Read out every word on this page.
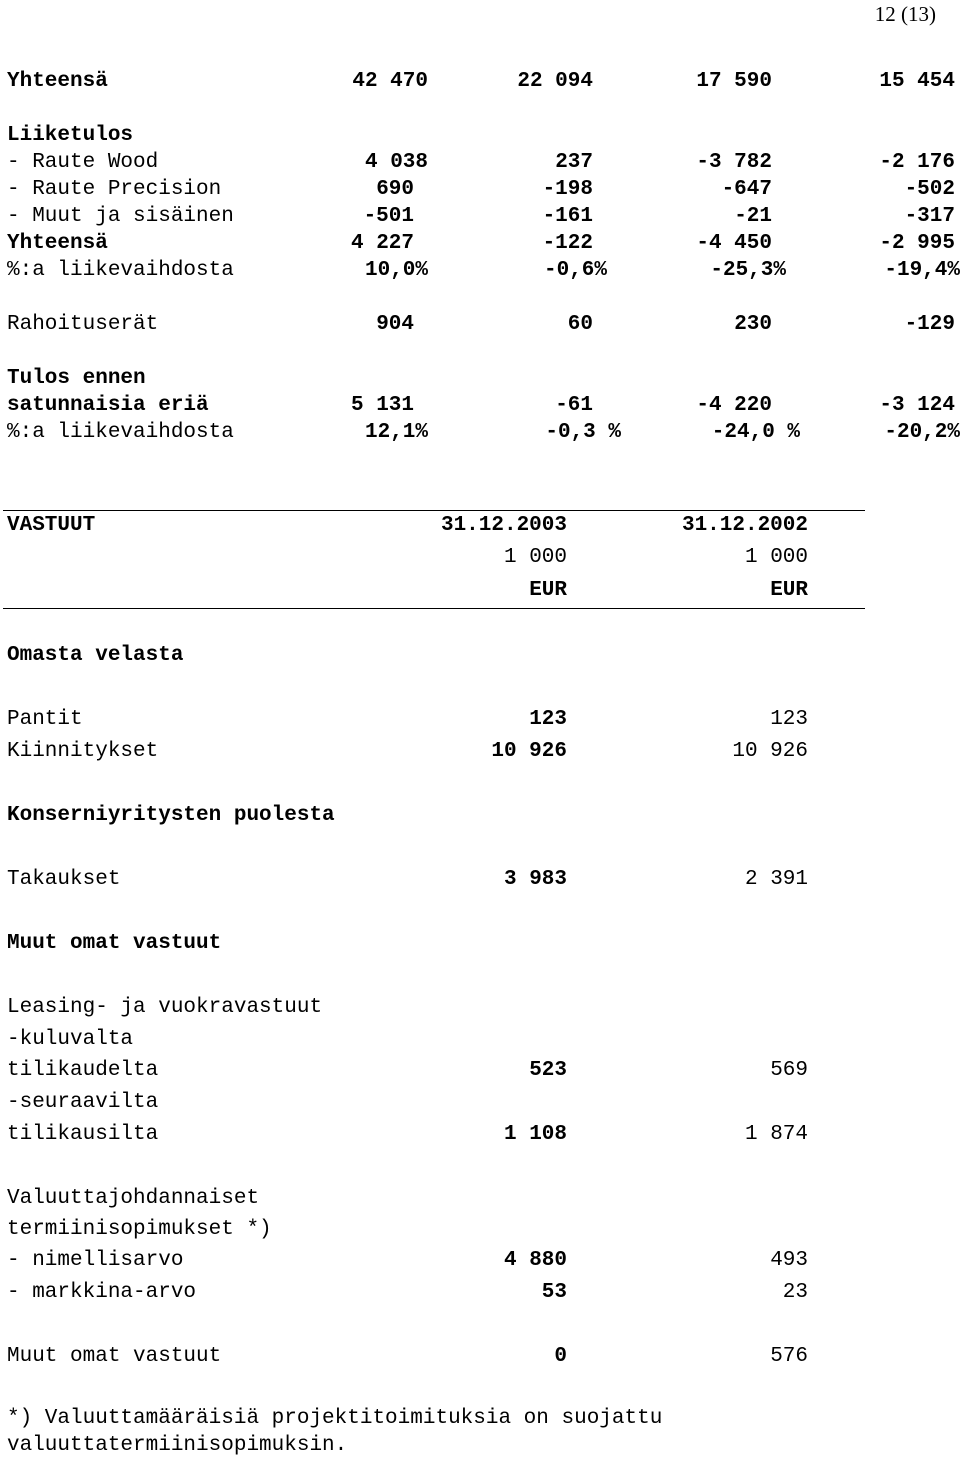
12 (13)
Yhteensä	42 470	22 094	17 590	15 454
Liiketulos
- Raute Wood	4 038	237	-3 782	-2 176
- Raute Precision	690	-198	-647	-502
- Muut ja sisäinen	-501	-161	-21	-317
Yhteensä	4 227	-122	-4 450	-2 995
%:a liikevaihdosta	10,0%	-0,6%	-25,3%	-19,4%
Rahoituserät	904	60	230	-129
Tulos ennen
satunnaisia eriä	5 131	-61	-4 220	-3 124
%:a liikevaihdosta	12,1%	-0,3 %	-24,0 %	-20,2%
VASTUUT	31.12.2003	31.12.2002
1 000	1 000
EUR	EUR
Omasta velasta
Pantit	123	123
Kiinnitykset	10 926	10 926
Konserniyritysten puolesta
Takaukset	3 983	2 391
Muut omat vastuut
Leasing- ja vuokravastuut
-kuluvalta
tilikaudelta	523	569
-seuraavilta
tilikausilta	1 108	1 874
Valuuttajohdannaiset
termiinisopimukset *)
- nimellisarvo	4 880	493
- markkina-arvo	53	23
Muut omat vastuut	0	576
*) Valuuttamääräisiä projektitoimituksia on suojattu
valuuttatermiinisopimuksin.
